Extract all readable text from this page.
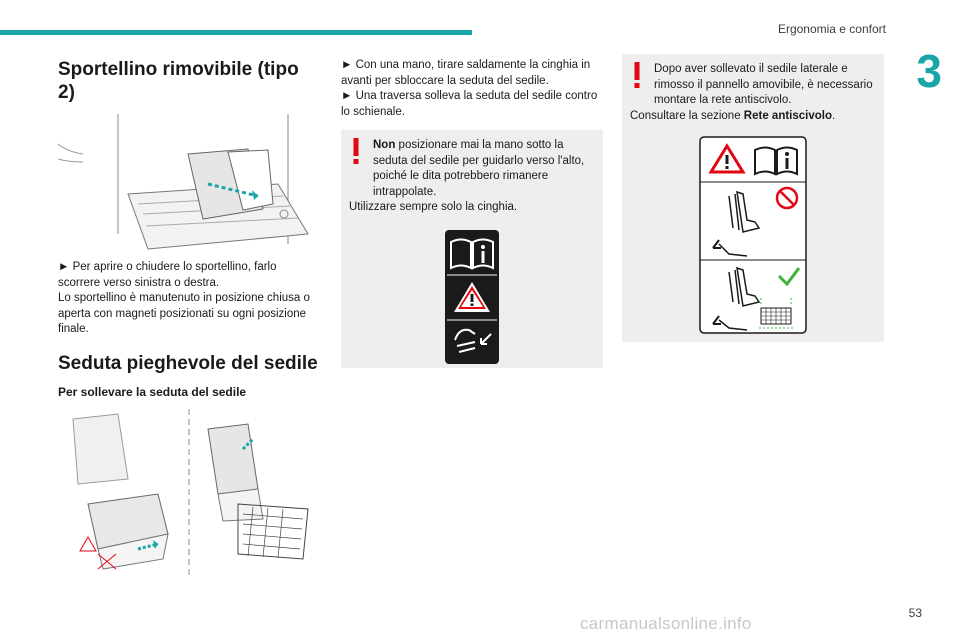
Ergonomia e confort
3
Sportellino rimovibile (tipo 2)

► Per aprire o chiudere lo sportellino, farlo scorrere verso sinistra o destra.

Lo sportellino è manutenuto in posizione chiusa o aperta con magneti posizionati su ogni posizione finale.

Seduta pieghevole del sedile
Per sollevare la seduta del sedile

► Con una mano, tirare saldamente la cinghia in avanti per sbloccare la seduta del sedile.

► Una traversa solleva la seduta del sedile contro lo schienale.

Non posizionare mai la mano sotto la seduta del sedile per guidarlo verso l'alto, poiché le dita potrebbero rimanere intrappolate.

Utilizzare sempre solo la cinghia.

Dopo aver sollevato il sedile laterale e rimosso il pannello amovibile, è necessario montare la rete antiscivolo.

Consultare la sezione Rete antiscivolo.

53
carmanualsonline.info
